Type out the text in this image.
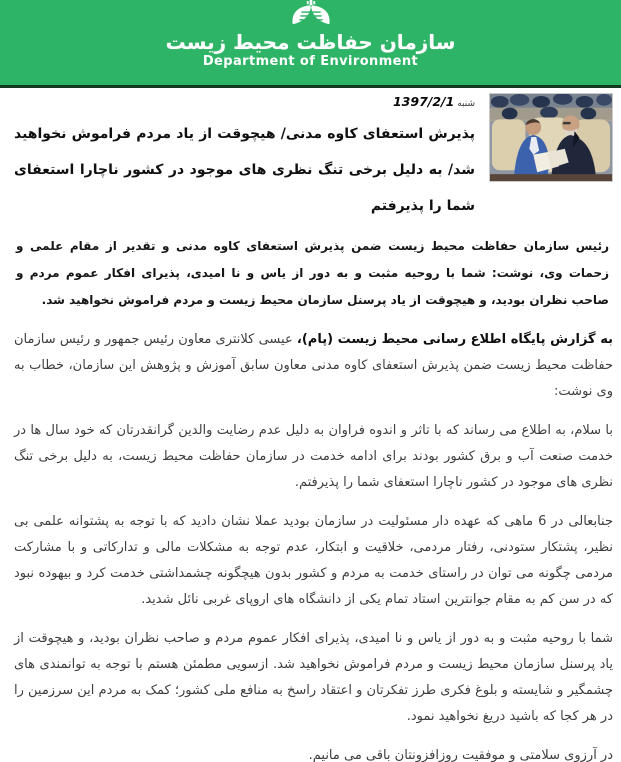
سازمان حفاظت محیط زیست
Department of Environment
شنبه 1397/2/1
پذیرش استعفای کاوه مدنی/ هیچوقت از یاد مردم فراموش نخواهید شد/ به دلیل برخی تنگ نظری های موجود در کشور ناچارا استعفای شما را پذیرفتم

رئیس سازمان حفاظت محیط زیست ضمن پذیرش استعفای کاوه مدنی و تقدیر از مقام علمی و زحمات وی، نوشت: شما با روحیه مثبت و به دور از یاس و نا امیدی، پذیرای افکار عموم مردم و صاحب نظران بودید، و هیچوقت از یاد پرسنل سازمان محیط زیست و مردم فراموش نخواهید شد.

به گزارش پایگاه اطلاع رسانی محیط زیست (پام)، عیسی کلانتری معاون رئیس جمهور و رئیس سازمان حفاظت محیط زیست ضمن پذیرش استعفای کاوه مدنی معاون سابق آموزش و پژوهش این سازمان، خطاب به وی نوشت:

با سلام، به اطلاع می رساند که با تاثر و اندوه فراوان به دلیل عدم رضایت والدین گرانقدرتان که خود سال ها در خدمت صنعت آب و برق کشور بودند برای ادامه خدمت در سازمان حفاظت محیط زیست، به دلیل برخی تنگ نظری های موجود در کشور ناچارا استعفای شما را پذیرفتم.

جنابعالی در 6 ماهی که عهده دار مسئولیت در سازمان بودید عملا نشان دادید که با توجه به پشتوانه علمی بی نظیر، پشتکار ستودنی، رفتار مردمی، خلاقیت و ابتکار، عدم توجه به مشکلات مالی و تدارکاتی و با مشارکت مردمی چگونه می توان در راستای خدمت به مردم و کشور بدون هیچگونه چشمداشتی خدمت کرد و بیهوده نبود که در سن کم به مقام جوانترین استاد تمام یکی از دانشگاه های اروپای غربی نائل شدید.

شما با روحیه مثبت و به دور از یاس و نا امیدی، پذیرای افکار عموم مردم و صاحب نظران بودید، و هیچوقت از یاد پرسنل سازمان محیط زیست و مردم فراموش نخواهید شد. ازسویی مطمئن هستم با توجه به توانمندی های چشمگیر و شایسته و بلوغ فکری طرز تفکرتان و اعتقاد راسخ به منافع ملی کشور؛ کمک به مردم این سرزمین را در هر کجا که باشید دریغ نخواهید نمود.

در آرزوی سلامتی و موفقیت روزافزونتان باقی می مانیم.
